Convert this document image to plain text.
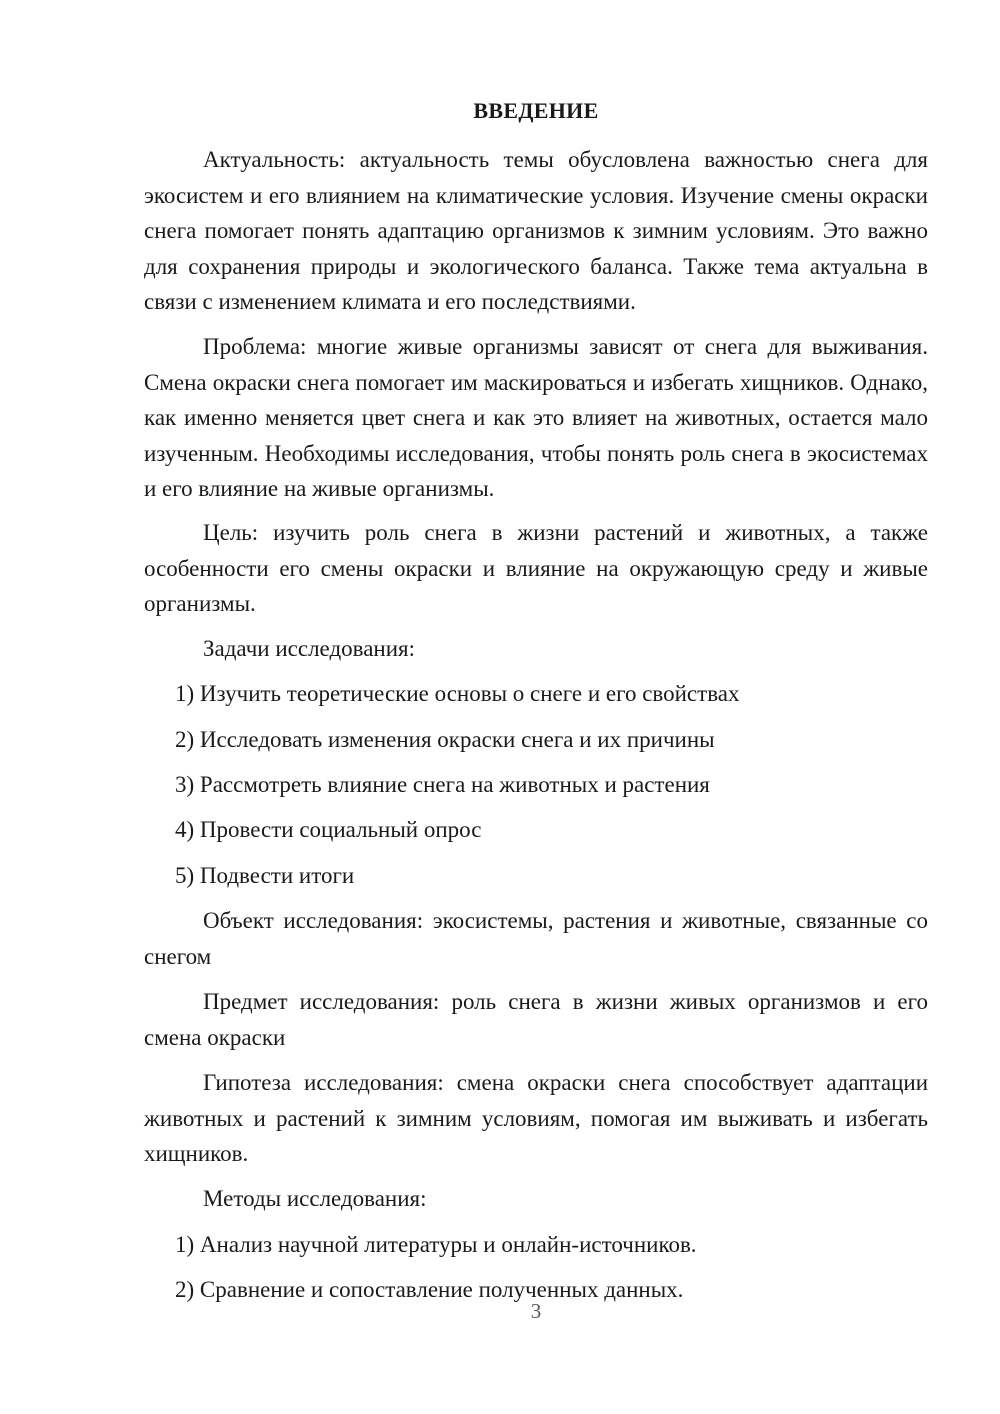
ВВЕДЕНИЕ

Актуальность: актуальность темы обусловлена важностью снега для экосистем и его влиянием на климатические условия. Изучение смены окраски снега помогает понять адаптацию организмов к зимним условиям. Это важно для сохранения природы и экологического баланса. Также тема актуальна в связи с изменением климата и его последствиями.

Проблема: многие живые организмы зависят от снега для выживания. Смена окраски снега помогает им маскироваться и избегать хищников. Однако, как именно меняется цвет снега и как это влияет на животных, остается мало изученным. Необходимы исследования, чтобы понять роль снега в экосистемах и его влияние на живые организмы.

Цель: изучить роль снега в жизни растений и животных, а также особенности его смены окраски и влияние на окружающую среду и живые организмы.

Задачи исследования:

1) Изучить теоретические основы о снеге и его свойствах

2) Исследовать изменения окраски снега и их причины

3) Рассмотреть влияние снега на животных и растения

4) Провести социальный опрос

5) Подвести итоги

Объект исследования: экосистемы, растения и животные, связанные со снегом

Предмет исследования: роль снега в жизни живых организмов и его смена окраски

Гипотеза исследования: смена окраски снега способствует адаптации животных и растений к зимним условиям, помогая им выживать и избегать хищников.

Методы исследования:

1) Анализ научной литературы и онлайн-источников.

2) Сравнение и сопоставление полученных данных.

3
